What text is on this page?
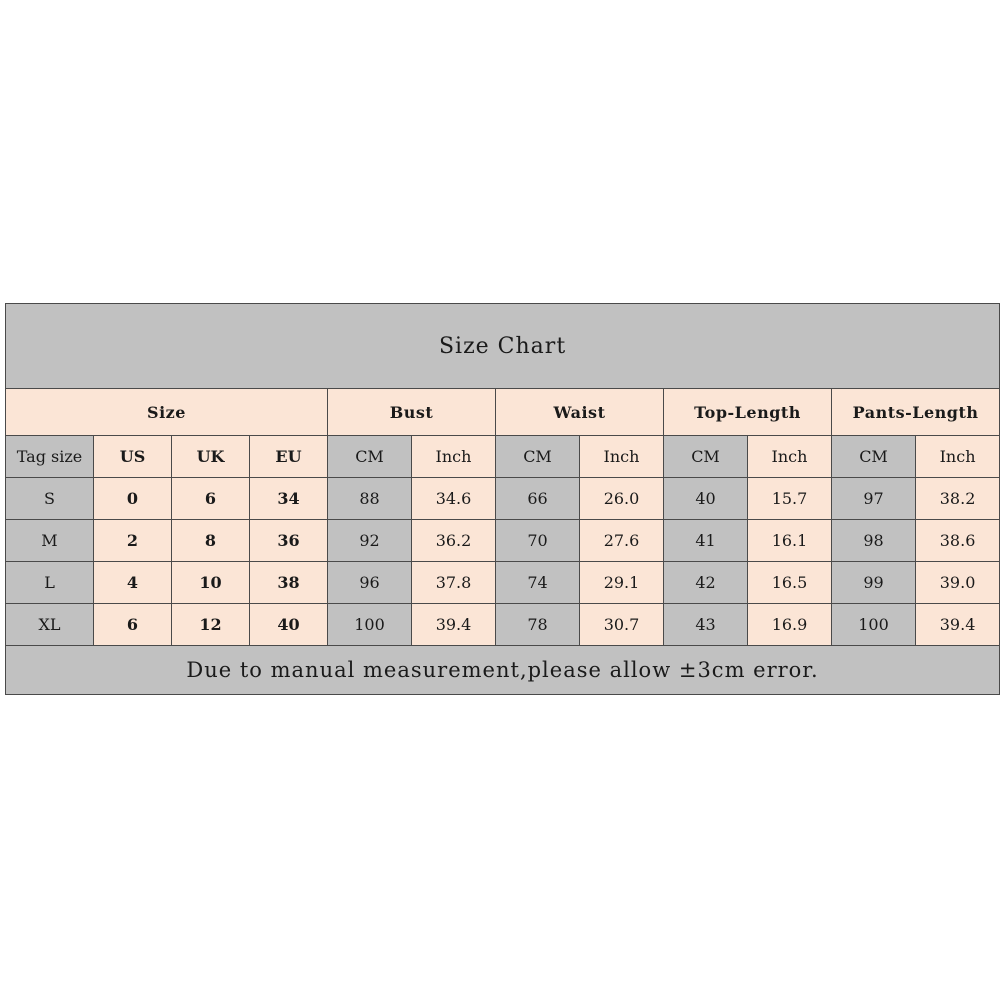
Size Chart											
Size				Bust		Waist		Top-Length		Pants-Length	
Tag size	US	UK	EU	CM	Inch	CM	Inch	CM	Inch	CM	Inch
S	0	6	34	88	34.6	66	26.0	40	15.7	97	38.2
M	2	8	36	92	36.2	70	27.6	41	16.1	98	38.6
L	4	10	38	96	37.8	74	29.1	42	16.5	99	39.0
XL	6	12	40	100	39.4	78	30.7	43	16.9	100	39.4
Due to manual measurement,please allow ±3cm error.											
